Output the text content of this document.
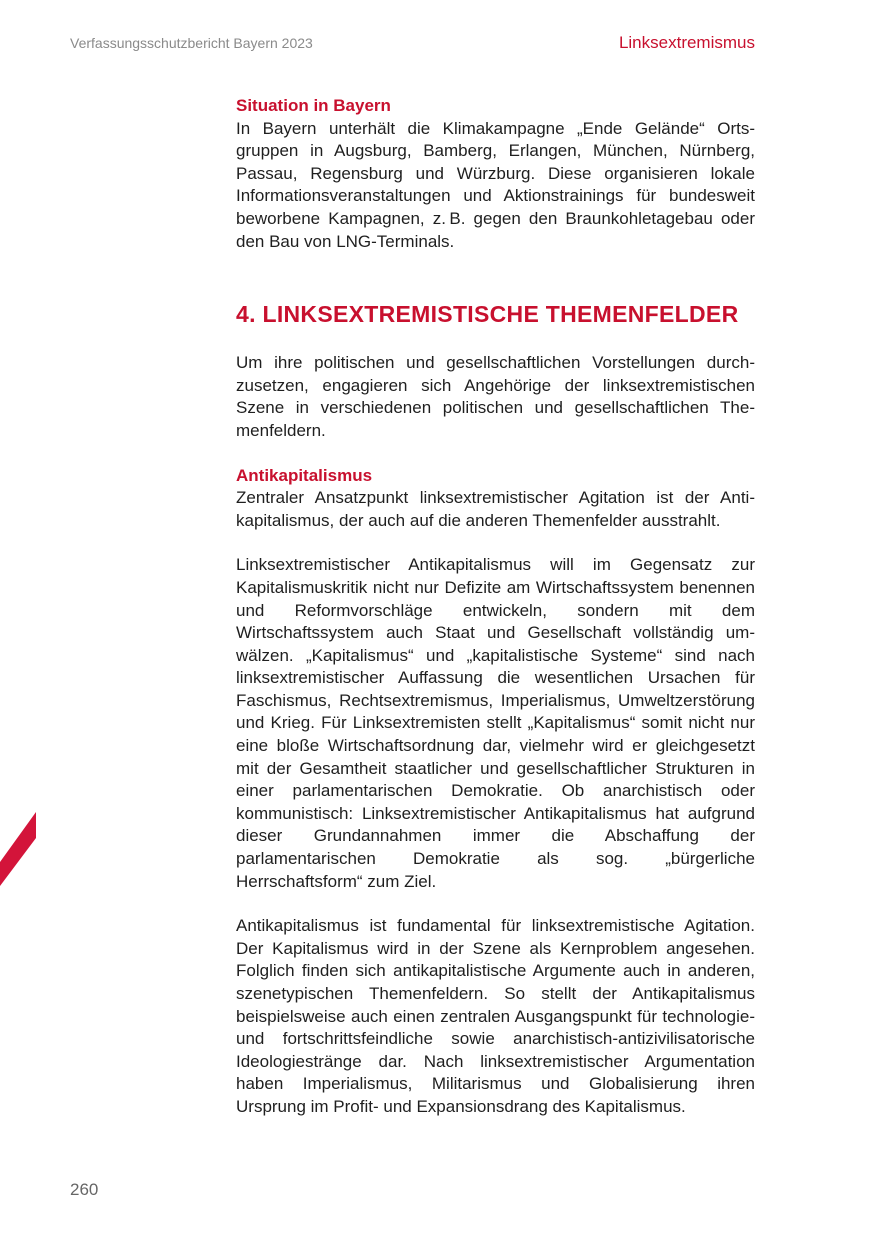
Verfassungsschutzbericht Bayern 2023	Linksextremismus
Situation in Bayern

In Bayern unterhält die Klimakampagne „Ende Gelände“ Ortsgruppen in Augsburg, Bamberg, Erlangen, München, Nürnberg, Passau, Regensburg und Würzburg. Diese organisieren lokale Informationsveranstaltungen und Aktionstrainings für bundesweit beworbene Kampagnen, z. B. gegen den Braunkohletagebau oder den Bau von LNG-Terminals.

4. LINKSEXTREMISTISCHE THEMENFELDER

Um ihre politischen und gesellschaftlichen Vorstellungen durchzusetzen, engagieren sich Angehörige der linksextremistischen Szene in verschiedenen politischen und gesellschaftlichen Themenfeldern.

Antikapitalismus

Zentraler Ansatzpunkt linksextremistischer Agitation ist der Antikapitalismus, der auch auf die anderen Themenfelder ausstrahlt.

Linksextremistischer Antikapitalismus will im Gegensatz zur Kapitalismuskritik nicht nur Defizite am Wirtschaftssystem benennen und Reformvorschläge entwickeln, sondern mit dem Wirtschaftssystem auch Staat und Gesellschaft vollständig umwälzen. „Kapitalismus“ und „kapitalistische Systeme“ sind nach linksextremistischer Auffassung die wesentlichen Ursachen für Faschismus, Rechtsextremismus, Imperialismus, Umweltzerstörung und Krieg. Für Linksextremisten stellt „Kapitalismus“ somit nicht nur eine bloße Wirtschaftsordnung dar, vielmehr wird er gleichgesetzt mit der Gesamtheit staatlicher und gesellschaftlicher Strukturen in einer parlamentarischen Demokratie. Ob anarchistisch oder kommunistisch: Linksextremistischer Antikapitalismus hat aufgrund dieser Grundannahmen immer die Abschaffung der parlamentarischen Demokratie als sog. „bürgerliche Herrschaftsform“ zum Ziel.

Antikapitalismus ist fundamental für linksextremistische Agitation. Der Kapitalismus wird in der Szene als Kernproblem angesehen. Folglich finden sich antikapitalistische Argumente auch in anderen, szenetypischen Themenfeldern. So stellt der Antikapitalismus beispielsweise auch einen zentralen Ausgangspunkt für technologie- und fortschrittsfeindliche sowie anarchistisch-antizivilisatorische Ideologiestränge dar. Nach linksextremistischer Argumentation haben Imperialismus, Militarismus und Globalisierung ihren Ursprung im Profit- und Expansionsdrang des Kapitalismus.

260
